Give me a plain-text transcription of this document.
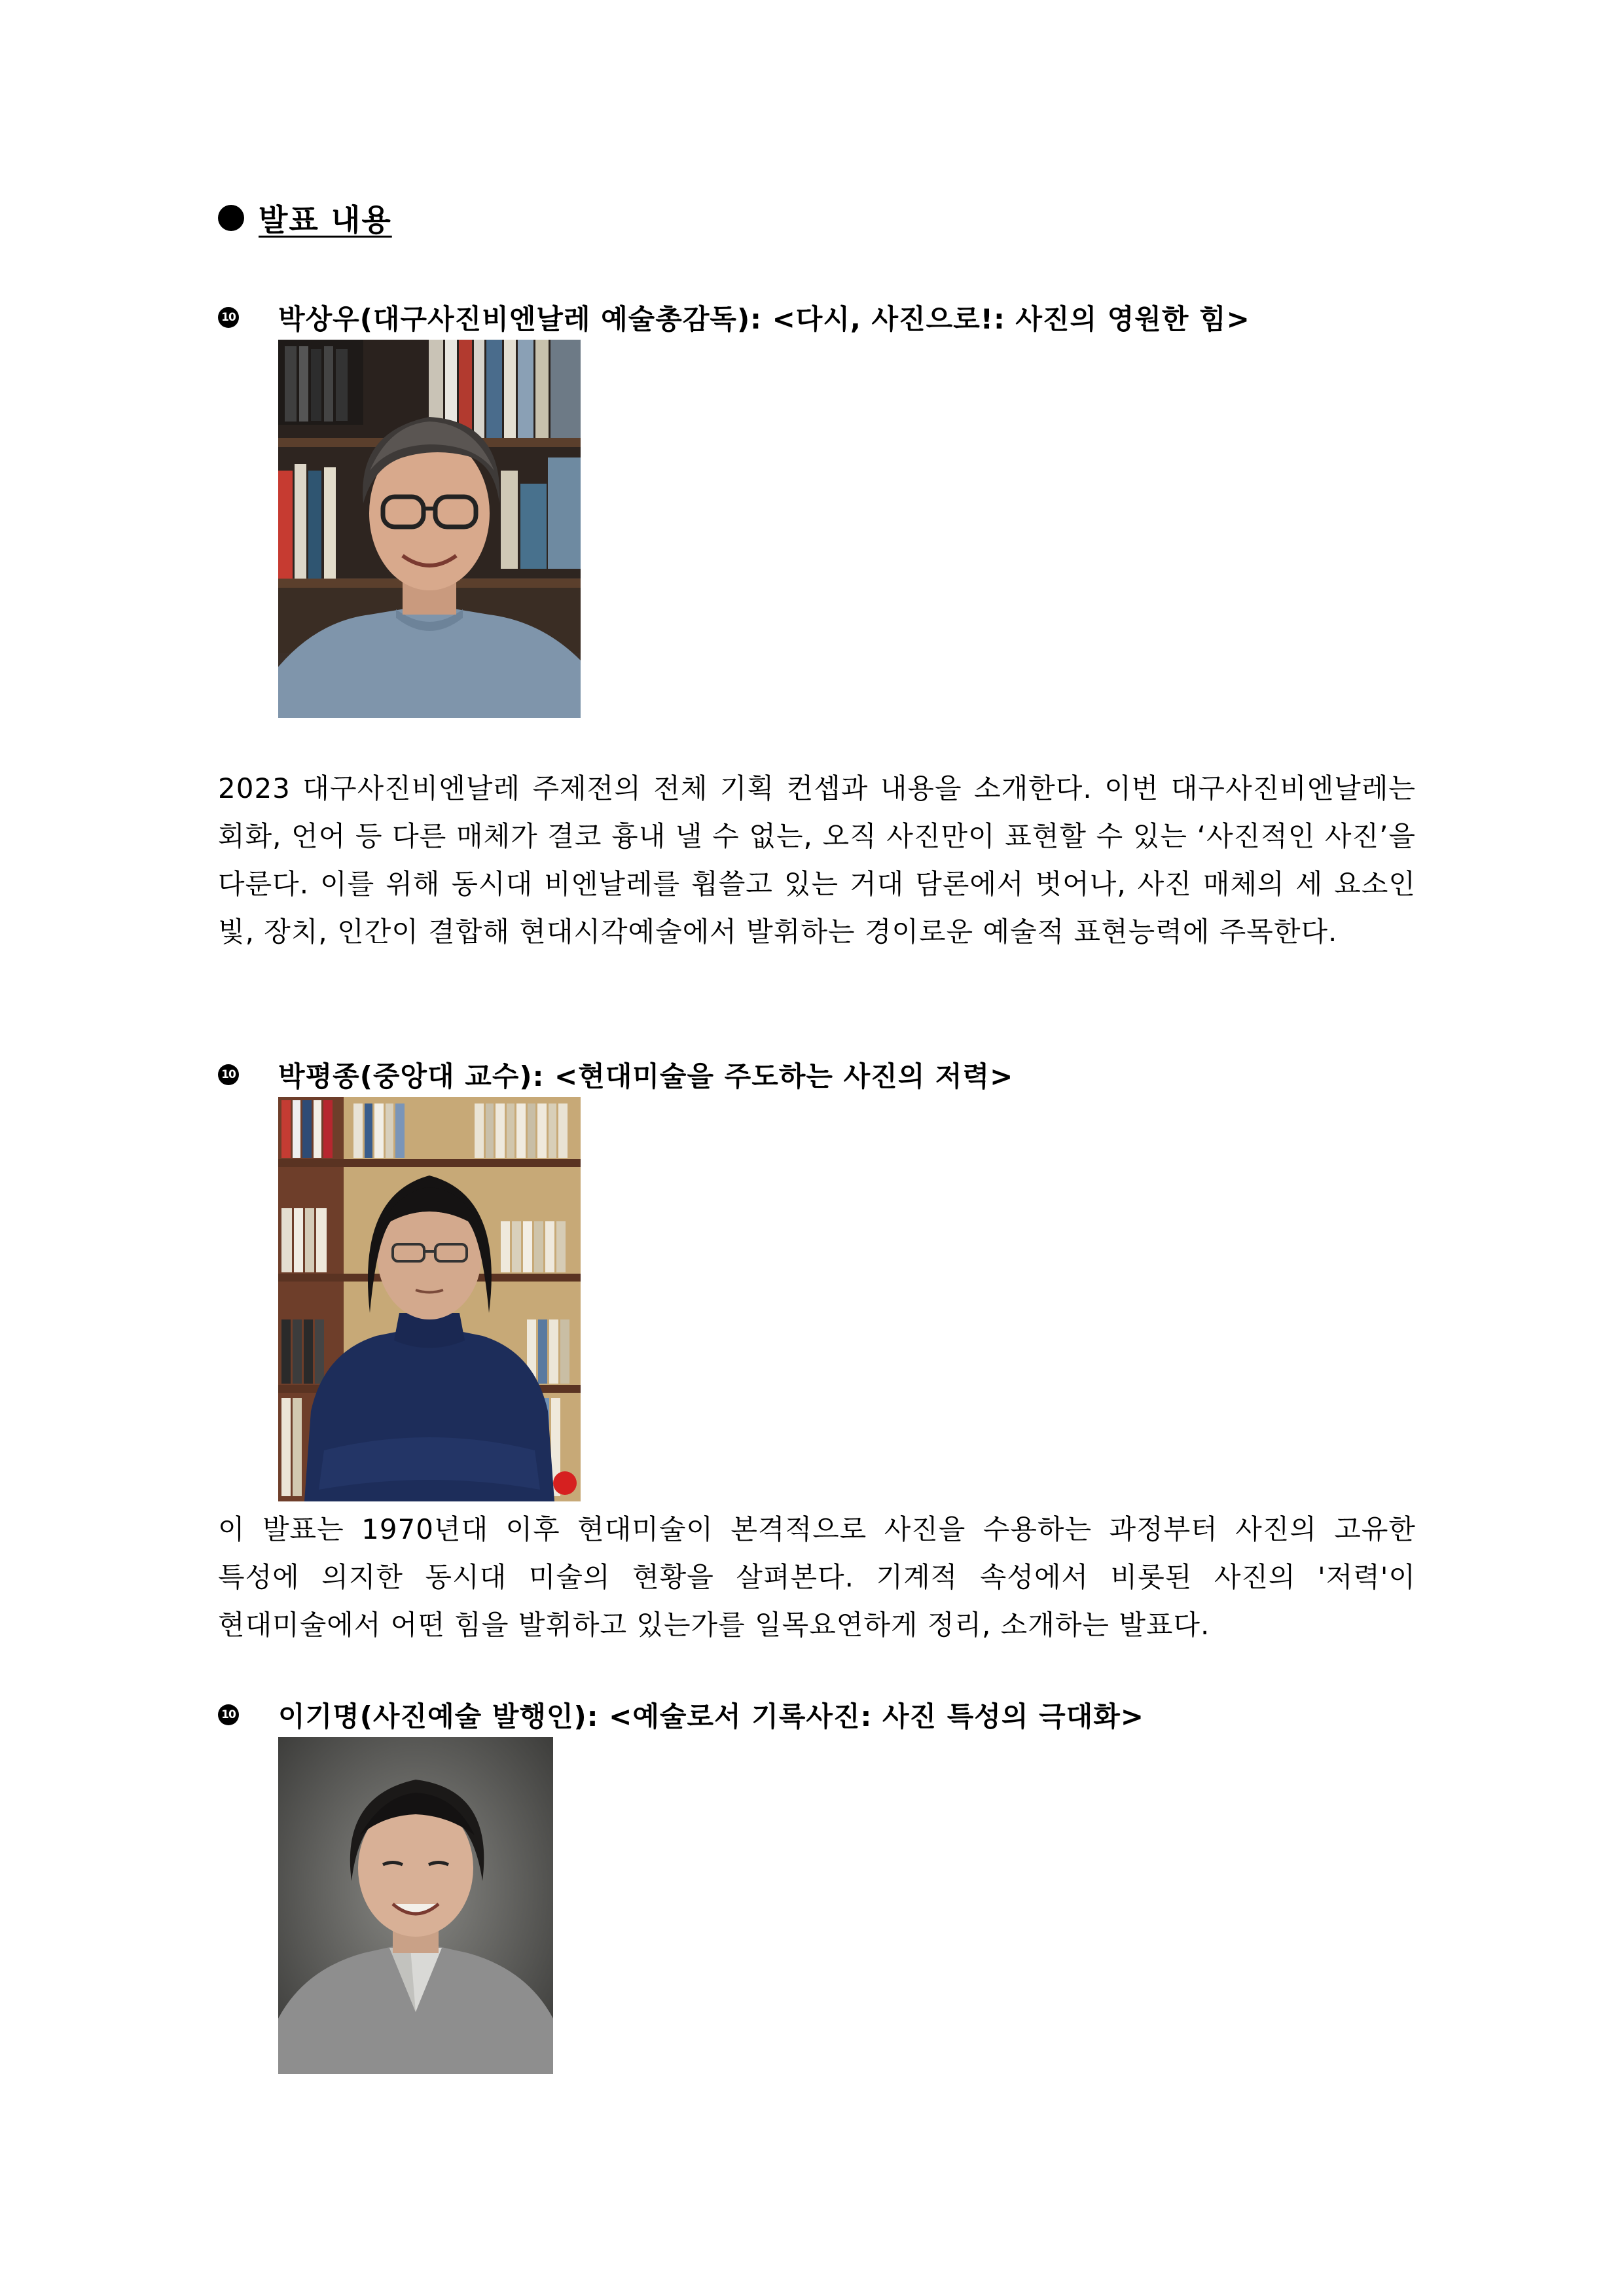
발표 내용
10 박상우(대구사진비엔날레 예술총감독): <다시, 사진으로!: 사진의 영원한 힘>
2023 대구사진비엔날레 주제전의 전체 기획 컨셉과 내용을 소개한다. 이번 대구사진비엔날레는 회화, 언어 등 다른 매체가 결코 흉내 낼 수 없는, 오직 사진만이 표현할 수 있는 ‘사진적인 사진’을 다룬다. 이를 위해 동시대 비엔날레를 휩쓸고 있는 거대 담론에서 벗어나, 사진 매체의 세 요소인 빛, 장치, 인간이 결합해 현대시각예술에서 발휘하는 경이로운 예술적 표현능력에 주목한다.
10 박평종(중앙대 교수): <현대미술을 주도하는 사진의 저력>
이 발표는 1970년대 이후 현대미술이 본격적으로 사진을 수용하는 과정부터 사진의 고유한 특성에 의지한 동시대 미술의 현황을 살펴본다. 기계적 속성에서 비롯된 사진의 '저력'이 현대미술에서 어떤 힘을 발휘하고 있는가를 일목요연하게 정리, 소개하는 발표다.
10 이기명(사진예술 발행인): <예술로서 기록사진: 사진 특성의 극대화>
